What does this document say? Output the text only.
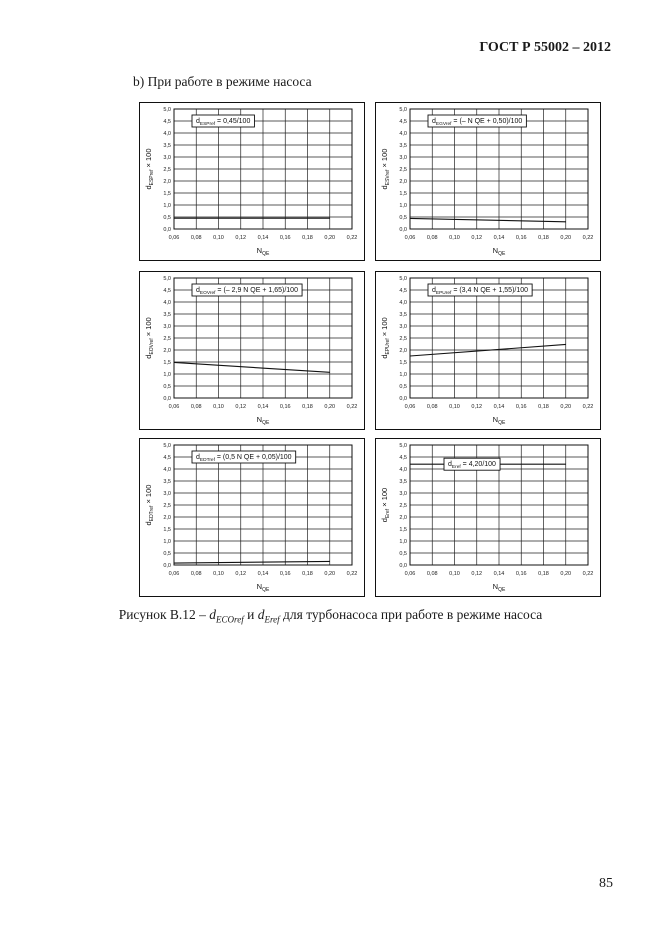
ГОСТ Р 55002 – 2012
b) При работе в режиме насоса
0,06 0,08 0,10 0,12 0,14 0,16 0,18 0,20 0,22
0,0
0,5
1,0
1,5
2,0
2,5
3,0
3,5
4,0
4,5
5,0
$N_{QE}$
$d_{ESPref} \times 100$
$d_{ESPref} = 0,45/100$
0,06 0,08 0,10 0,12 0,14 0,16 0,18 0,20 0,22
0,0
0,5
1,0
1,5
2,0
2,5
3,0
3,5
4,0
4,5
5,0
$N_{QE}$
$d_{ESVref} \times 100$
$d_{EGVref}$ = (– N QE + 0,50)/100
0,06 0,08 0,10 0,12 0,14 0,16 0,18 0,20 0,22
0,0
0,5
1,0
1,5
2,0
2,5
3,0
3,5
4,0
4,5
5,0
$N_{QE}$
$d_{EOVref} \times 100$
$d_{EOVref}$ = (– 2,9 N QE + 1,65)/100
0,06 0,08 0,10 0,12 0,14 0,16 0,18 0,20 0,22
0,0
0,5
1,0
1,5
2,0
2,5
3,0
3,5
4,0
4,5
5,0
$N_{QE}$
$d_{EPUref} \times 100$
$d_{EPUref} = (3,4$ N QE + 1,55)/100
0,06 0,08 0,10 0,12 0,14 0,16 0,18 0,20 0,22
0,0
0,5
1,0
1,5
2,0
2,5
3,0
3,5
4,0
4,5
5,0
$N_{QE}$
$d_{EDTref} \times 100$
$d_{EDTref} = (0,5$ N QE + 0,05)/100
0,06 0,08 0,10 0,12 0,14 0,16 0,18 0,20 0,22
0,0
0,5
1,0
1,5
2,0
2,5
3,0
3,5
4,0
4,5
5,0
$N_{QE}$
$d_{Eref} \times 100$
$d_{Eref} = 4,20/100$
Рисунок $В.12 - d_{ECOref}$ и $d_{Eref}$ для турбонасоса при работе в режиме насоса
85
